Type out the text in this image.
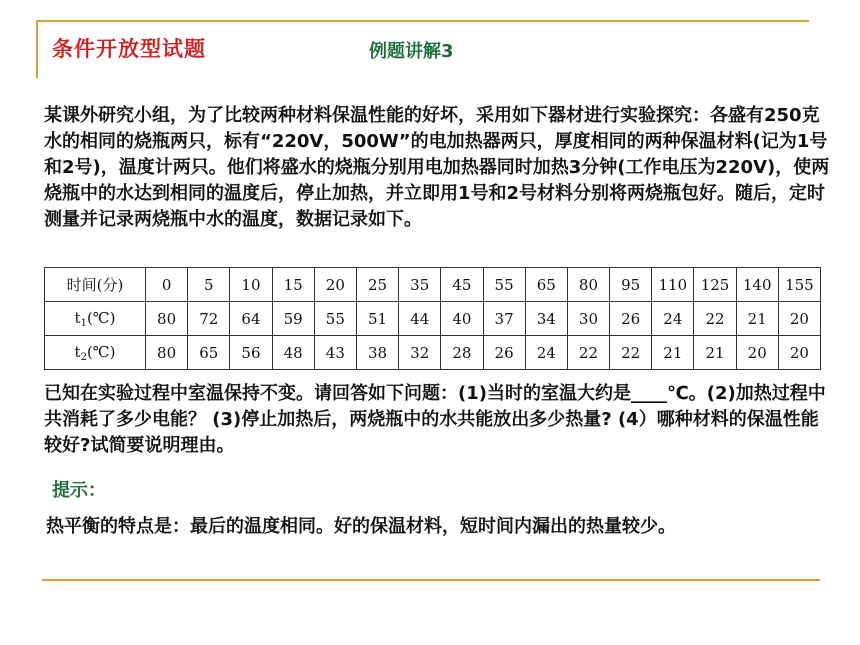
条件开放型试题	例题讲解3

某课外研究小组，为了比较两种材料保温性能的好坏，采用如下器材进行实验探究：各盛有250克水的相同的烧瓶两只，标有“220V，500W”的电加热器两只，厚度相同的两种保温材料(记为1号和2号)，温度计两只。他们将盛水的烧瓶分别用电加热器同时加热3分钟(工作电压为220V)，使两烧瓶中的水达到相同的温度后，停止加热，并立即用1号和2号材料分别将两烧瓶包好。随后，定时测量并记录两烧瓶中水的温度，数据记录如下。

时间(分)	0	5	10	15	20	25	35	45	55	65	80	95	110	125	140	155
$t_1(℃)$	80	72	64	59	55	51	44	40	37	34	30	26	24	22	21	20
$t_2(℃)$	80	65	56	48	43	38	32	28	26	24	22	22	21	21	20	20

已知在实验过程中室温保持不变。请回答如下问题：(1)当时的室温大约是____℃。(2)加热过程中共消耗了多少电能？ (3)停止加热后，两烧瓶中的水共能放出多少热量? (4）哪种材料的保温性能较好?试简要说明理由。

提示：

热平衡的特点是：最后的温度相同。好的保温材料，短时间内漏出的热量较少。
